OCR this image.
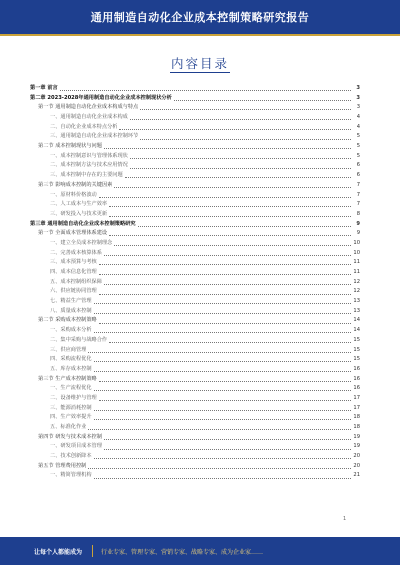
通用制造自动化企业成本控制策略研究报告
内容目录
第一章 前言	3
第二章 2023-2028年通用制造自动化企业成本控制现状分析	3
第一节 通用制造自动化企业成本构成与特点	3
一、通用制造自动化企业成本构成	4
二、自动化企业成本特点分析	4
三、通用制造自动化企业成本控制环节	5
第二节 成本控制现状与问题	5
一、成本控制意识与管理体系现状	5
二、成本控制方法与技术应用情况	6
三、成本控制中存在的主要问题	6
第三节 影响成本控制的关键因素	7
一、原材料价格波动	7
二、人工成本与生产效率	7
三、研发投入与技术更新	8
第三章 通用制造自动化企业成本控制策略研究	9
第一节 全面成本管理体系建设	9
一、建立全员成本控制理念	10
二、完善成本核算体系	10
三、成本预算与考核	11
四、成本信息化管理	11
五、成本控制组织保障	12
六、供应链协同管理	12
七、精益生产管理	13
八、质量成本控制	13
第二节 采购成本控制策略	14
一、采购成本分析	14
二、集中采购与战略合作	15
三、供应商管理	15
四、采购流程优化	15
五、库存成本控制	16
第三节 生产成本控制策略	16
一、生产流程优化	16
二、设备维护与管理	17
三、能源消耗控制	17
四、生产效率提升	18
五、标准化作业	18
第四节 研发与技术成本控制	19
一、研发项目成本管理	19
二、技术创新降本	20
第五节 管理费用控制	20
一、精简管理机构	21
1
让每个人都能成为	行业专家、管理专家、营销专家、战略专家、成为企业家……
